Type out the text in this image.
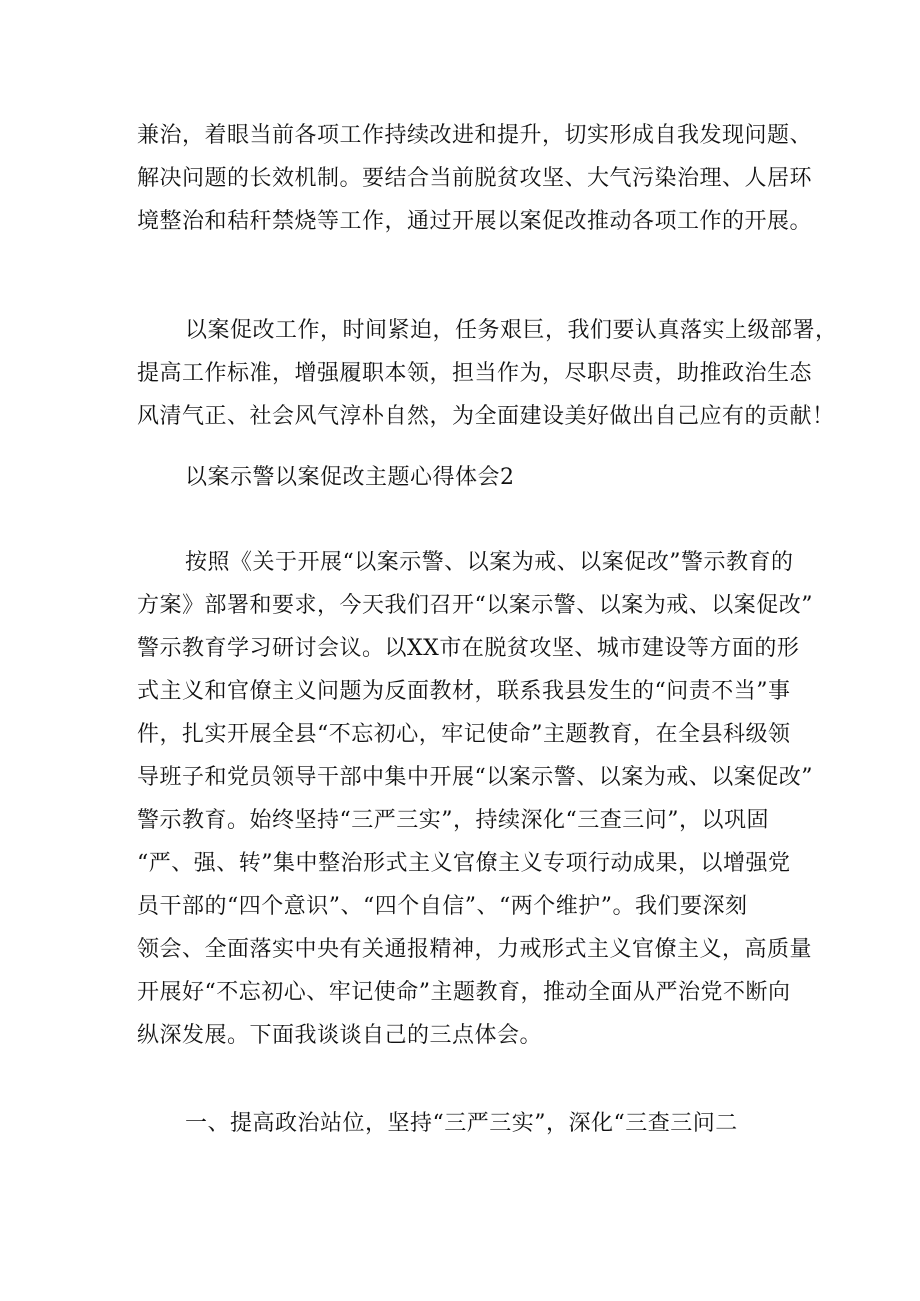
兼治，着眼当前各项工作持续改进和提升，切实形成自我发现问题、
解决问题的长效机制。要结合当前脱贫攻坚、大气污染治理、人居环
境整治和秸秆禁烧等工作，通过开展以案促改推动各项工作的开展。
以案促改工作，时间紧迫，任务艰巨，我们要认真落实上级部署，
提高工作标准，增强履职本领，担当作为，尽职尽责，助推政治生态
风清气正、社会风气淳朴自然，为全面建设美好做出自己应有的贡献！
以案示警以案促改主题心得体会2
按照《关于开展“以案示警、以案为戒、以案促改”警示教育的
方案》部署和要求，今天我们召开“以案示警、以案为戒、以案促改”
警示教育学习研讨会议。以XX市在脱贫攻坚、城市建设等方面的形
式主义和官僚主义问题为反面教材，联系我县发生的“问责不当”事
件，扎实开展全县“不忘初心，牢记使命”主题教育，在全县科级领
导班子和党员领导干部中集中开展“以案示警、以案为戒、以案促改”
警示教育。始终坚持“三严三实”，持续深化“三查三问”，以巩固
“严、强、转”集中整治形式主义官僚主义专项行动成果，以增强党
员干部的“四个意识”、“四个自信”、“两个维护”。我们要深刻
领会、全面落实中央有关通报精神，力戒形式主义官僚主义，高质量
开展好“不忘初心、牢记使命”主题教育，推动全面从严治党不断向
纵深发展。下面我谈谈自己的三点体会。
一、提高政治站位，坚持“三严三实”，深化“三查三问二
